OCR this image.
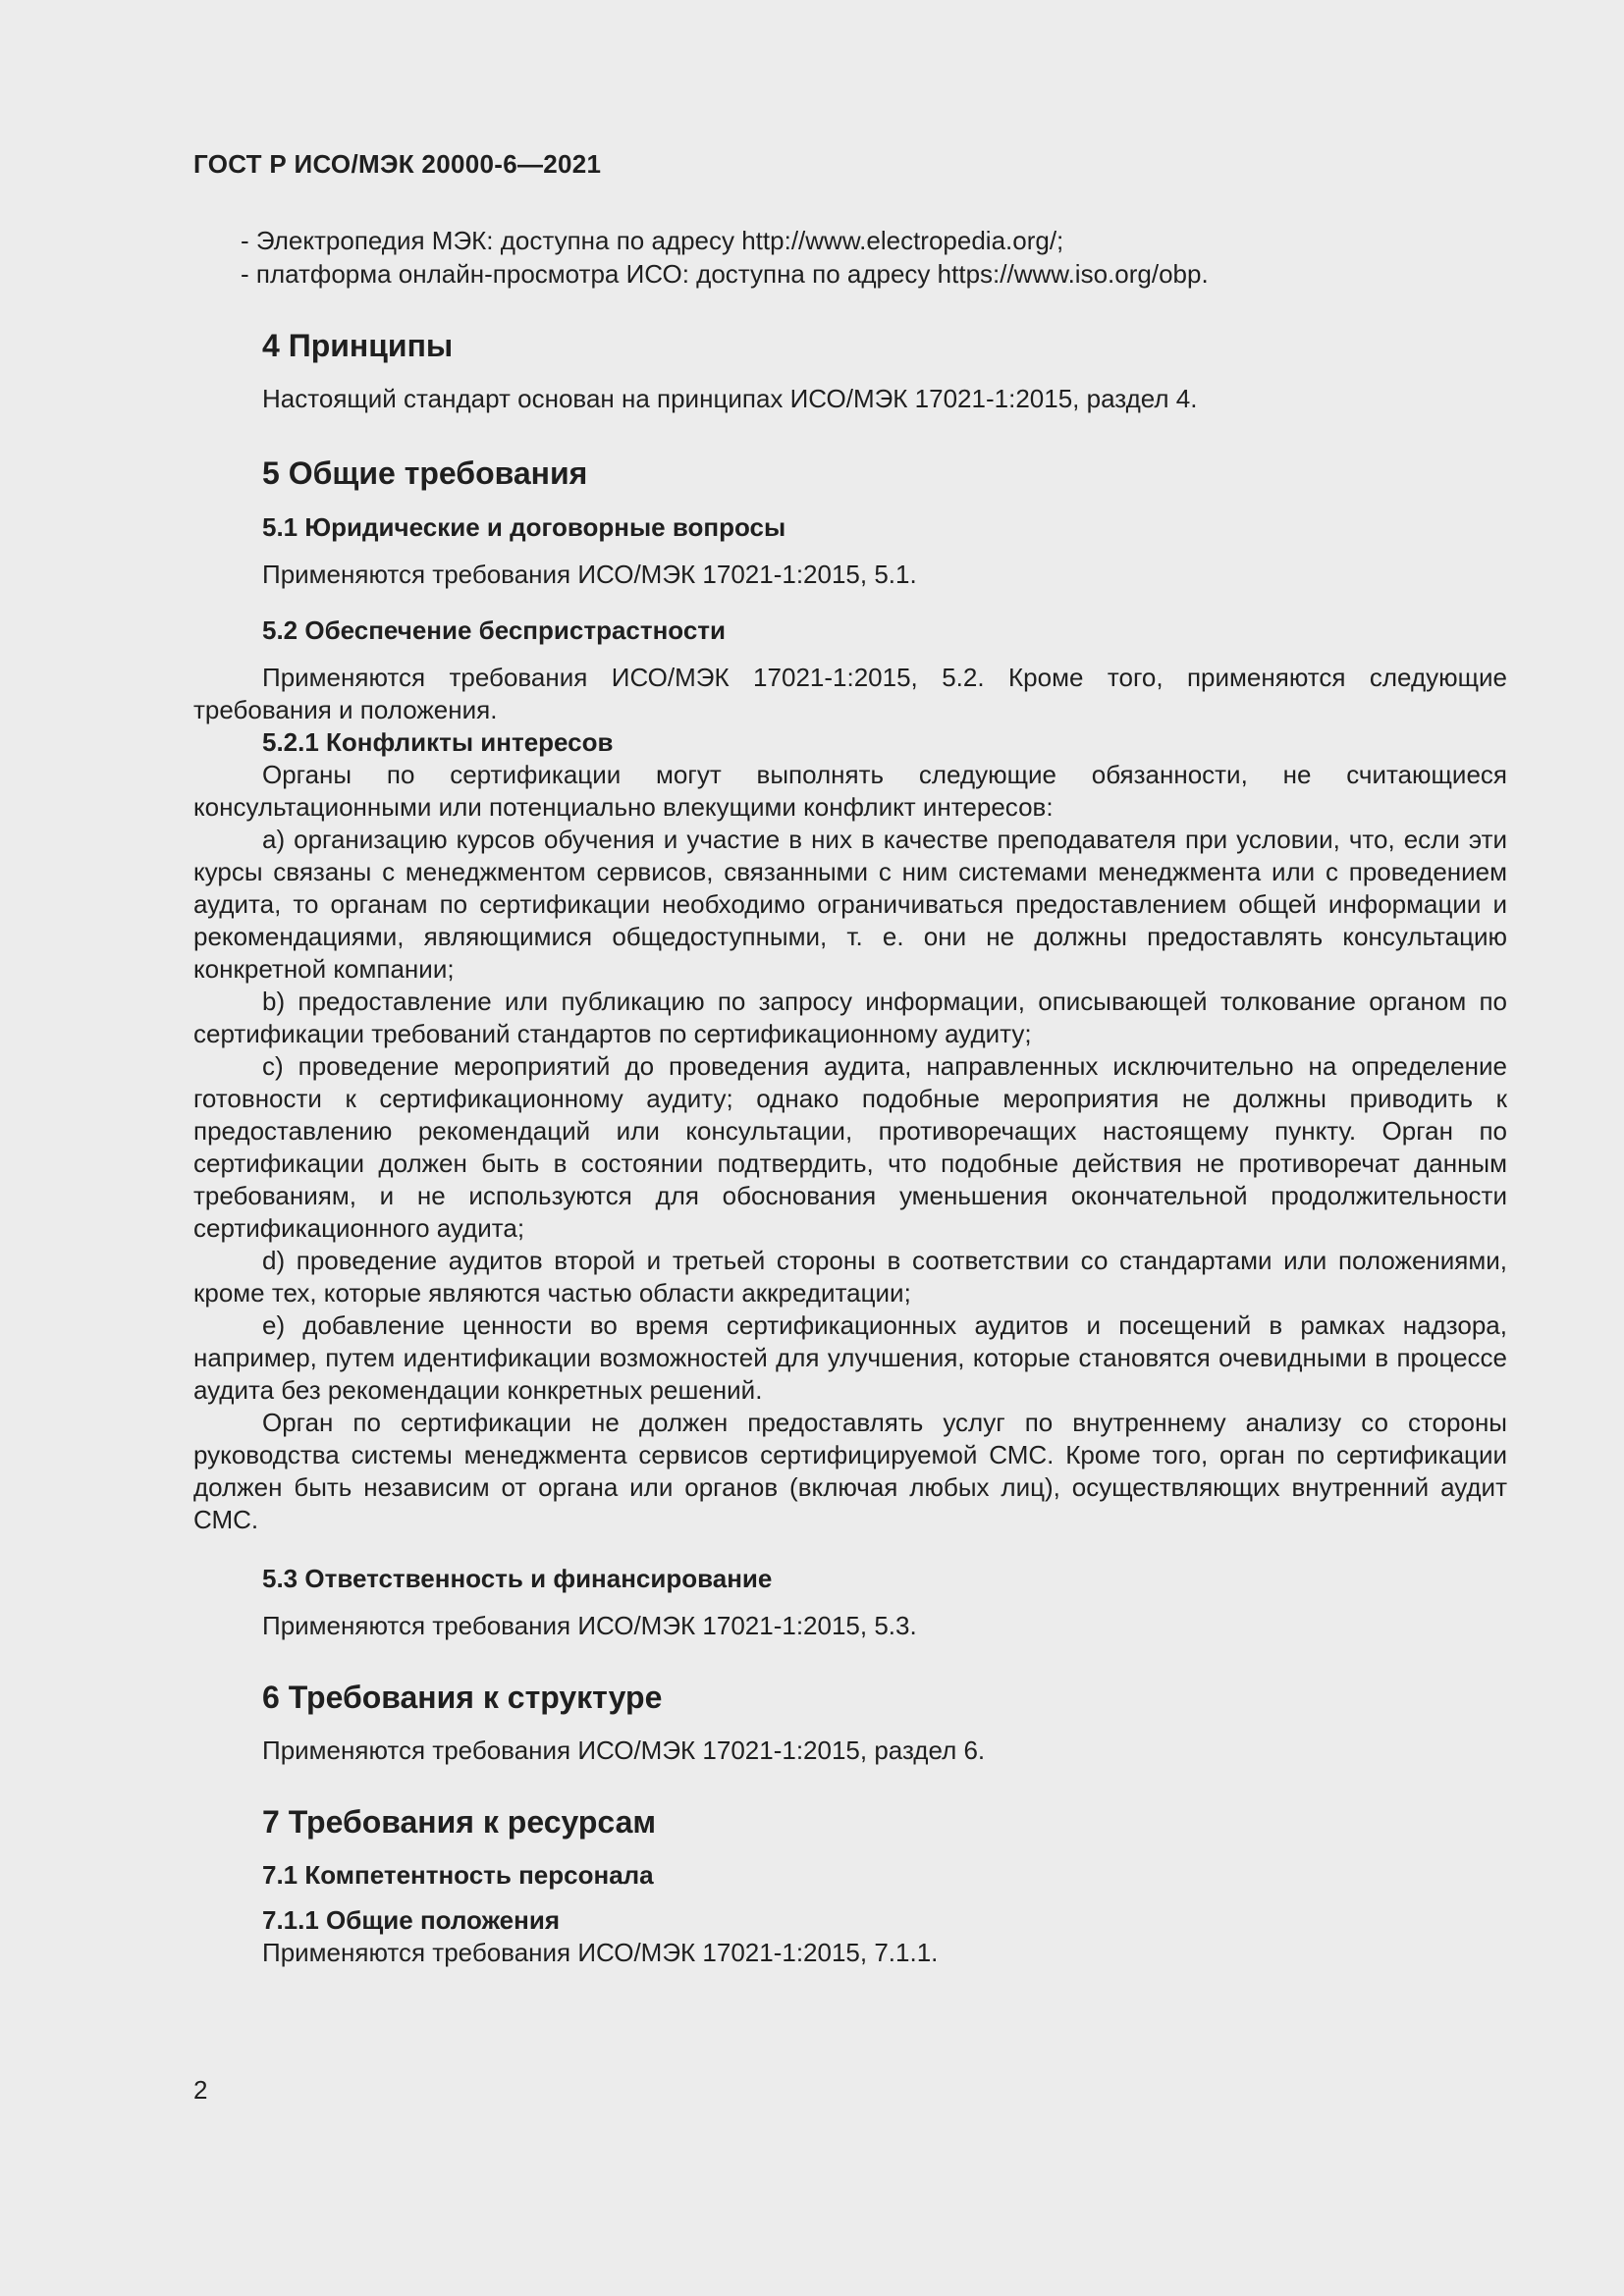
ГОСТ Р ИСО/МЭК 20000-6—2021

- Электропедия МЭК: доступна по адресу http://www.electropedia.org/;

- платформа онлайн-просмотра ИСО: доступна по адресу https://www.iso.org/obp.

4 Принципы

Настоящий стандарт основан на принципах ИСО/МЭК 17021-1:2015, раздел 4.

5 Общие требования
5.1 Юридические и договорные вопросы

Применяются требования ИСО/МЭК 17021-1:2015, 5.1.

5.2 Обеспечение беспристрастности

Применяются требования ИСО/МЭК 17021-1:2015, 5.2. Кроме того, применяются следующие требования и положения.

5.2.1 Конфликты интересов

Органы по сертификации могут выполнять следующие обязанности, не считающиеся консультационными или потенциально влекущими конфликт интересов:

a) организацию курсов обучения и участие в них в качестве преподавателя при условии, что, если эти курсы связаны с менеджментом сервисов, связанными с ним системами менеджмента или с проведением аудита, то органам по сертификации необходимо ограничиваться предоставлением общей информации и рекомендациями, являющимися общедоступными, т. е. они не должны предоставлять консультацию конкретной компании;

b) предоставление или публикацию по запросу информации, описывающей толкование органом по сертификации требований стандартов по сертификационному аудиту;

c) проведение мероприятий до проведения аудита, направленных исключительно на определение готовности к сертификационному аудиту; однако подобные мероприятия не должны приводить к предоставлению рекомендаций или консультации, противоречащих настоящему пункту. Орган по сертификации должен быть в состоянии подтвердить, что подобные действия не противоречат данным требованиям, и не используются для обоснования уменьшения окончательной продолжительности сертификационного аудита;

d) проведение аудитов второй и третьей стороны в соответствии со стандартами или положениями, кроме тех, которые являются частью области аккредитации;

e) добавление ценности во время сертификационных аудитов и посещений в рамках надзора, например, путем идентификации возможностей для улучшения, которые становятся очевидными в процессе аудита без рекомендации конкретных решений.

Орган по сертификации не должен предоставлять услуг по внутреннему анализу со стороны руководства системы менеджмента сервисов сертифицируемой СМС. Кроме того, орган по сертификации должен быть независим от органа или органов (включая любых лиц), осуществляющих внутренний аудит СМС.

5.3 Ответственность и финансирование

Применяются требования ИСО/МЭК 17021-1:2015, 5.3.

6 Требования к структуре

Применяются требования ИСО/МЭК 17021-1:2015, раздел 6.

7 Требования к ресурсам
7.1 Компетентность персонала
7.1.1 Общие положения

Применяются требования ИСО/МЭК 17021-1:2015, 7.1.1.

2
